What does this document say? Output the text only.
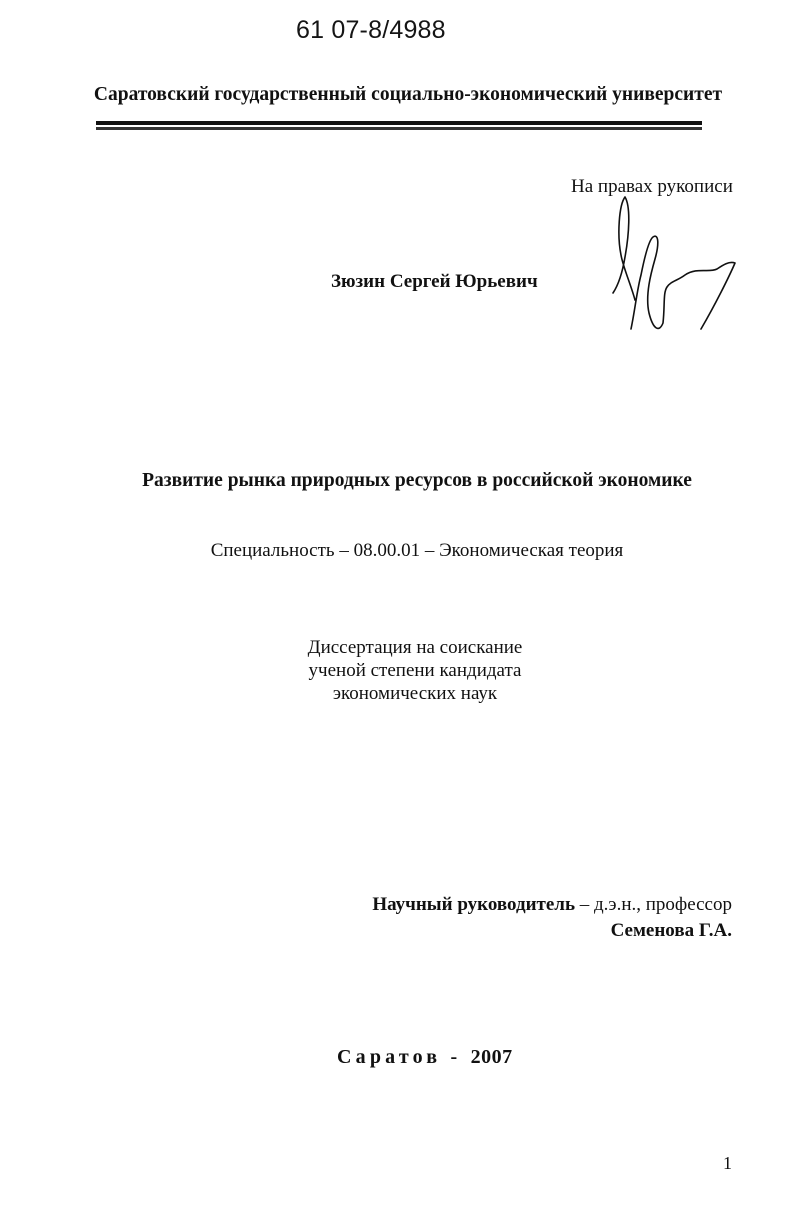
61 07-8/4988
Саратовский государственный социально-экономический университет
На правах рукописи
Зюзин Сергей Юрьевич
Развитие рынка природных ресурсов в российской экономике
Специальность – 08.00.01 – Экономическая теория
Диссертация на соискание
ученой степени кандидата
экономических наук
Научный руководитель – д.э.н., профессор
Семенова Г.А.
Саратов - 2007
1
